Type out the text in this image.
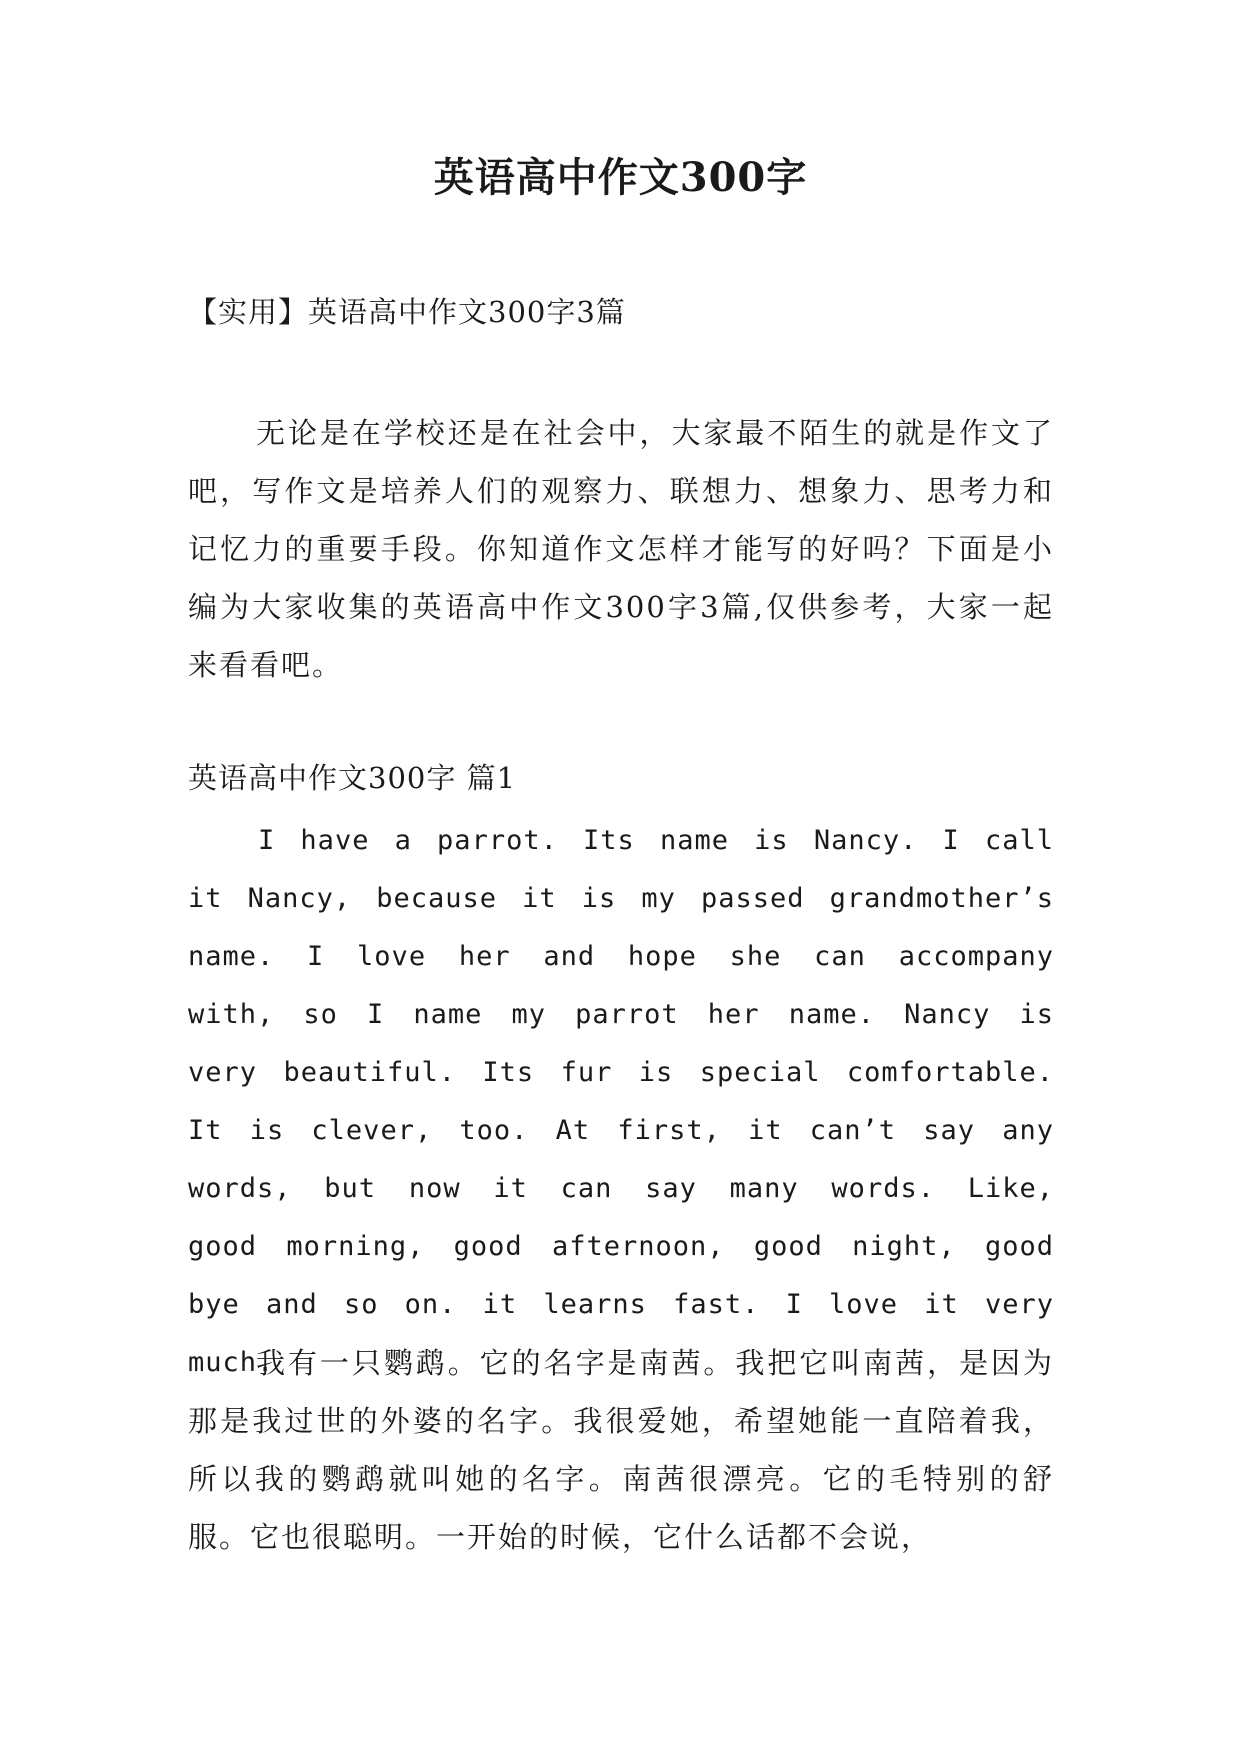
英语高中作文300字

【实用】英语高中作文300字3篇

无论是在学校还是在社会中，大家最不陌生的就是作文了吧，写作文是培养人们的观察力、联想力、想象力、思考力和记忆力的重要手段。你知道作文怎样才能写的好吗？下面是小编为大家收集的英语高中作文300字3篇,仅供参考，大家一起来看看吧。

英语高中作文300字 篇1

I have a parrot. Its name is Nancy. I call it Nancy, because it is my passed grandmother’s name. I love her and hope she can accompany with, so I name my parrot her name. Nancy is very beautiful. Its fur is special comfortable. It is clever, too. At first, it can’t say any words, but now it can say many words. Like, good morning, good afternoon, good night, good bye and so on. it learns fast. I love it very much.

我有一只鹦鹉。它的名字是南茜。我把它叫南茜，是因为那是我过世的外婆的名字。我很爱她，希望她能一直陪着我，所以我的鹦鹉就叫她的名字。南茜很漂亮。它的毛特别的舒服。它也很聪明。一开始的时候，它什么话都不会说，
